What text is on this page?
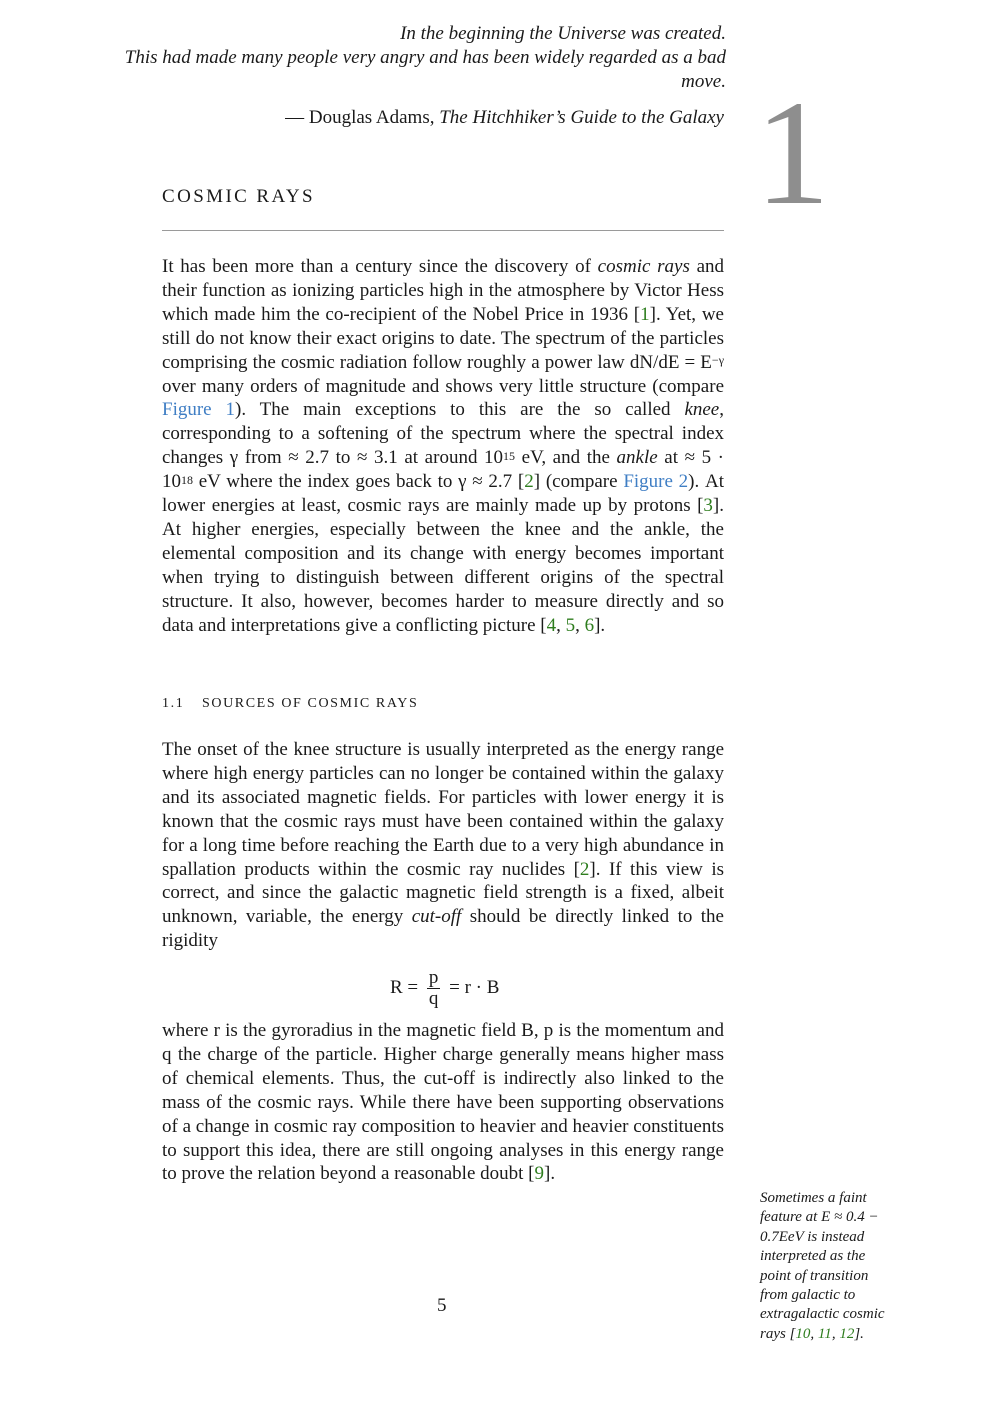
In the beginning the Universe was created.
This had made many people very angry and has been widely regarded as a bad
move.
— Douglas Adams, The Hitchhiker’s Guide to the Galaxy 1
COSMIC RAYS
It has been more than a century since the discovery of cosmic rays and their function as ionizing particles high in the atmosphere by Victor Hess which made him the co-recipient of the Nobel Price in 1936 [1]. Yet, we still do not know their exact origins to date. The spectrum of the particles comprising the cosmic radiation follow roughly a power law $dN/dE = E^{-\gamma}$ over many orders of magnitude and shows very little structure (compare Figure 1). The main exceptions to this are the so called knee, corresponding to a softening of the spectrum where the spectral index changes γ from ≈ 2.7 to ≈ 3.1 at around $10^{15}$ eV, and the ankle at ≈ $5 \cdot 10^{18}$ eV where the index goes back to γ ≈ 2.7 [2] (compare Figure 2). At lower energies at least, cosmic rays are mainly made up by protons [3]. At higher energies, especially between the knee and the ankle, the elemental composition and its change with energy becomes important when trying to distinguish between different origins of the spectral structure. It also, however, becomes harder to measure directly and so data and interpretations give a conflicting picture [4, 5, 6].
1.1 SOURCES OF COSMIC RAYS
The onset of the knee structure is usually interpreted as the energy range where high energy particles can no longer be contained within the galaxy and its associated magnetic fields. For particles with lower energy it is known that the cosmic rays must have been contained within the galaxy for a long time before reaching the Earth due to a very high abundance in spallation products within the cosmic ray nuclides [2]. If this view is correct, and since the galactic magnetic field strength is a fixed, albeit unknown, variable, the energy cut-off should be directly linked to the rigidity
$R = \frac{p}{q} = r \cdot B$
where r is the gyroradius in the magnetic field B, p is the momentum and q the charge of the particle. Higher charge generally means higher mass of chemical elements. Thus, the cut-off is indirectly also linked to the mass of the cosmic rays. While there have been supporting observations of a change in cosmic ray composition to heavier and heavier constituents to support this idea, there are still ongoing analyses in this energy range to prove the relation beyond a reasonable doubt [9].
Sometimes a faint feature at E ≈ 0.4 − 0.7EeV is instead interpreted as the point of transition from galactic to extragalactic cosmic rays [10, 11, 12].
5
